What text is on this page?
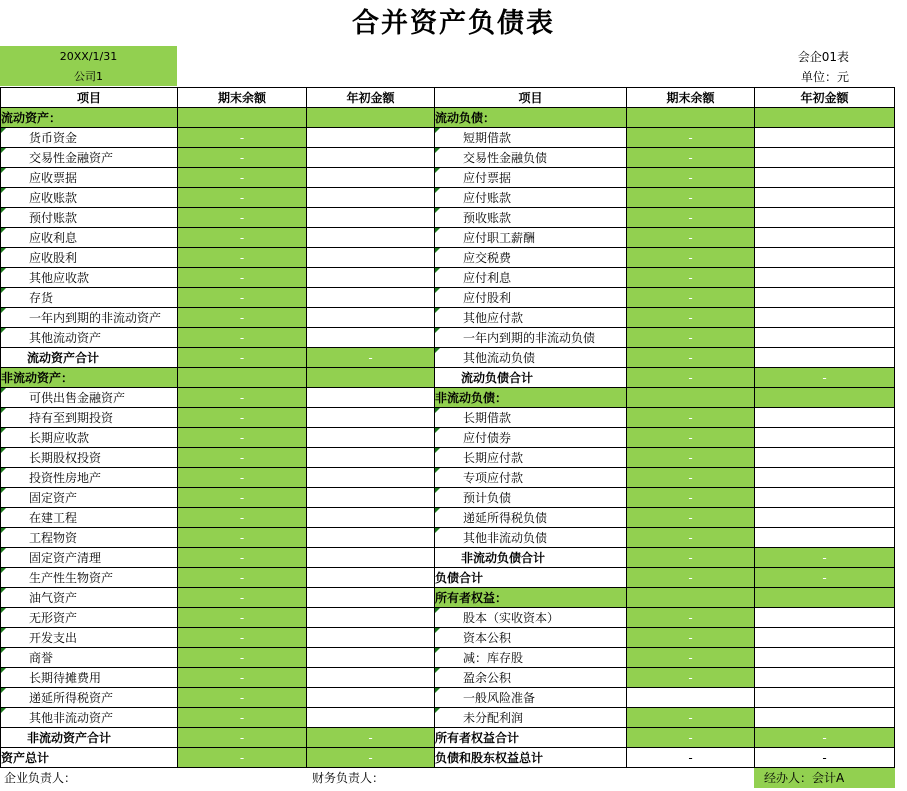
合并资产负债表
20XX/1/31
公司1
会企01表
单位：元
项目	期末余额	年初金额	项目	期末余额	年初金额
流动资产：			流动负债：		
货币资金	-		短期借款	-	
交易性金融资产	-		交易性金融负债	-	
应收票据	-		应付票据	-	
应收账款	-		应付账款	-	
预付账款	-		预收账款	-	
应收利息	-		应付职工薪酬	-	
应收股利	-		应交税费	-	
其他应收款	-		应付利息	-	
存货	-		应付股利	-	
一年内到期的非流动资产	-		其他应付款	-	
其他流动资产	-		一年内到期的非流动负债	-	
流动资产合计	-	-	其他流动负债	-	
非流动资产：			流动负债合计	-	-
可供出售金融资产	-		非流动负债：		
持有至到期投资	-		长期借款	-	
长期应收款	-		应付债券	-	
长期股权投资	-		长期应付款	-	
投资性房地产	-		专项应付款	-	
固定资产	-		预计负债	-	
在建工程	-		递延所得税负债	-	
工程物资	-		其他非流动负债	-	
固定资产清理	-		非流动负债合计	-	-
生产性生物资产	-		负债合计	-	-
油气资产	-		所有者权益：		
无形资产	-		股本（实收资本）	-	
开发支出	-		资本公积	-	
商誉	-		减：库存股	-	
长期待摊费用	-		盈余公积	-	
递延所得税资产	-		一般风险准备		
其他非流动资产	-		未分配利润	-	
非流动资产合计	-	-	所有者权益合计	-	-
资产总计	-	-	负债和股东权益总计	-	-
企业负责人：	财务负责人：	经办人：会计A
